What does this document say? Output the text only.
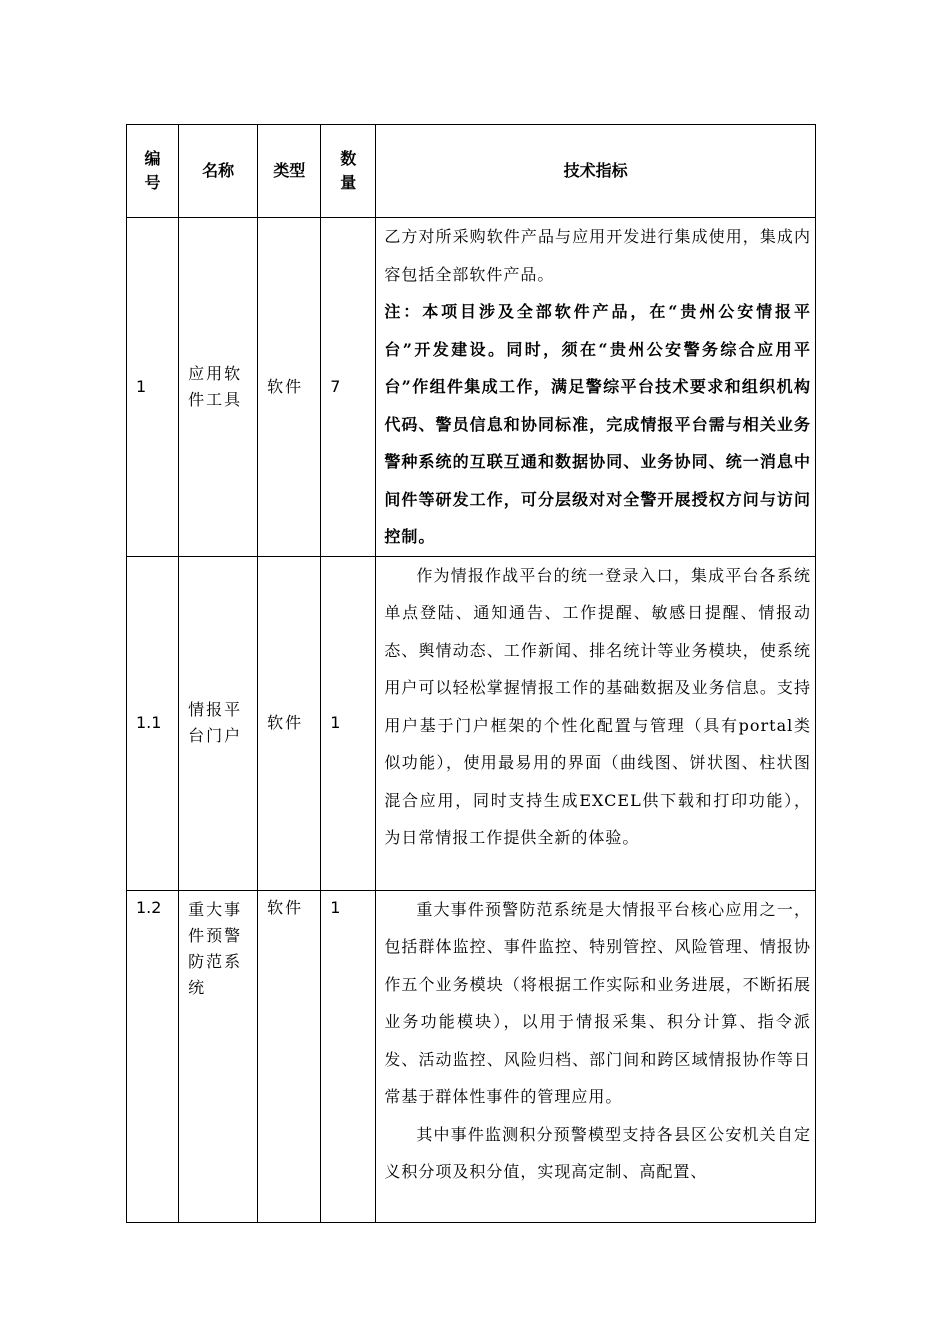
编号	名称	类型	数量	技术指标

1	应用软件工具	软件	7	乙方对所采购软件产品与应用开发进行集成使用，集成内容包括全部软件产品。

注：本项目涉及全部软件产品，在“贵州公安情报平台”开发建设。同时，须在“贵州公安警务综合应用平台”作组件集成工作，满足警综平台技术要求和组织机构代码、警员信息和协同标准，完成情报平台需与相关业务警种系统的互联互通和数据协同、业务协同、统一消息中间件等研发工作，可分层级对对全警开展授权方问与访问控制。

1.1	情报平台门户	软件	1	作为情报作战平台的统一登录入口，集成平台各系统单点登陆、通知通告、工作提醒、敏感日提醒、情报动态、舆情动态、工作新闻、排名统计等业务模块，使系统用户可以轻松掌握情报工作的基础数据及业务信息。支持用户基于门户框架的个性化配置与管理（具有portal类似功能），使用最易用的界面（曲线图、饼状图、柱状图混合应用，同时支持生成EXCEL供下载和打印功能），为日常情报工作提供全新的体验。

1.2	重大事件预警防范系统	软件	1	重大事件预警防范系统是大情报平台核心应用之一，包括群体监控、事件监控、特别管控、风险管理、情报协作五个业务模块（将根据工作实际和业务进展，不断拓展业务功能模块），以用于情报采集、积分计算、指令派发、活动监控、风险归档、部门间和跨区域情报协作等日常基于群体性事件的管理应用。

其中事件监测积分预警模型支持各县区公安机关自定义积分项及积分值，实现高定制、高配置、
